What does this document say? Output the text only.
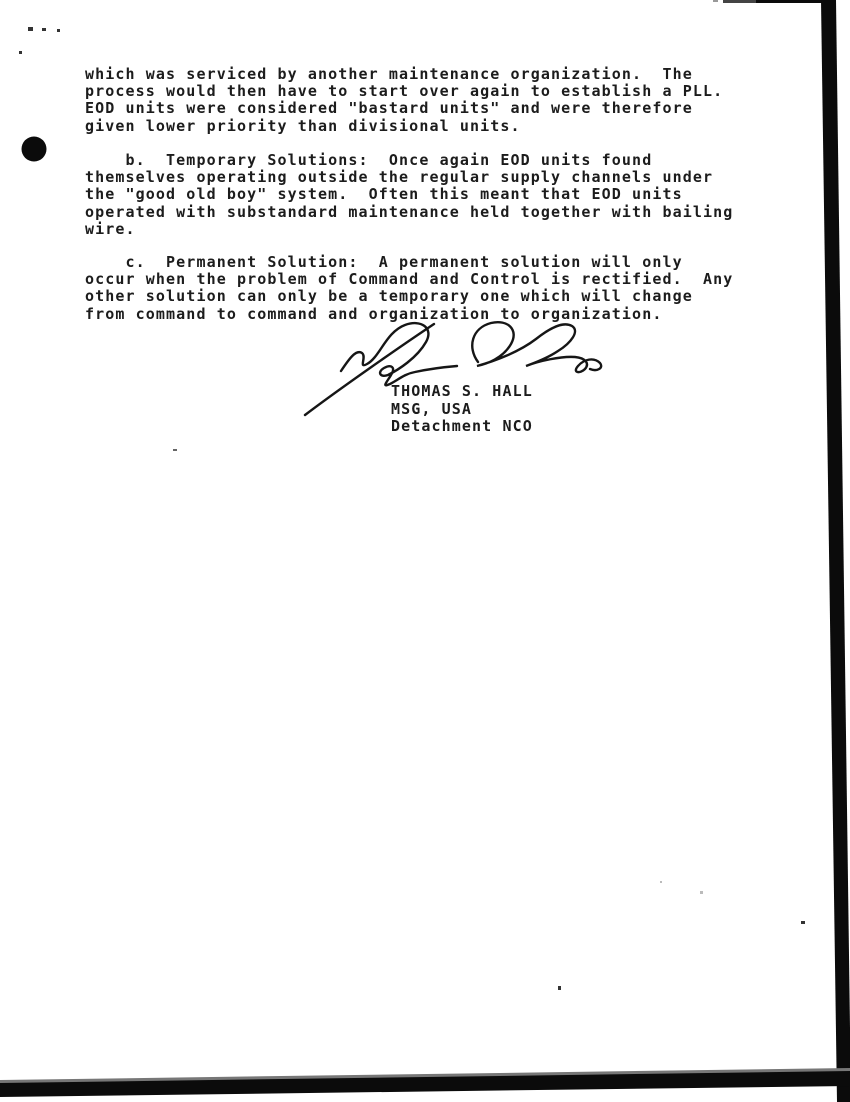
which was serviced by another maintenance organization.  The
process would then have to start over again to establish a PLL.
EOD units were considered "bastard units" and were therefore
given lower priority than divisional units.
b.  Temporary Solutions:  Once again EOD units found
themselves operating outside the regular supply channels under
the "good old boy" system.  Often this meant that EOD units
operated with substandard maintenance held together with bailing
wire.
c.  Permanent Solution:  A permanent solution will only
occur when the problem of Command and Control is rectified.  Any
other solution can only be a temporary one which will change
from command to command and organization to organization.
THOMAS S. HALL
MSG, USA
Detachment NCO
